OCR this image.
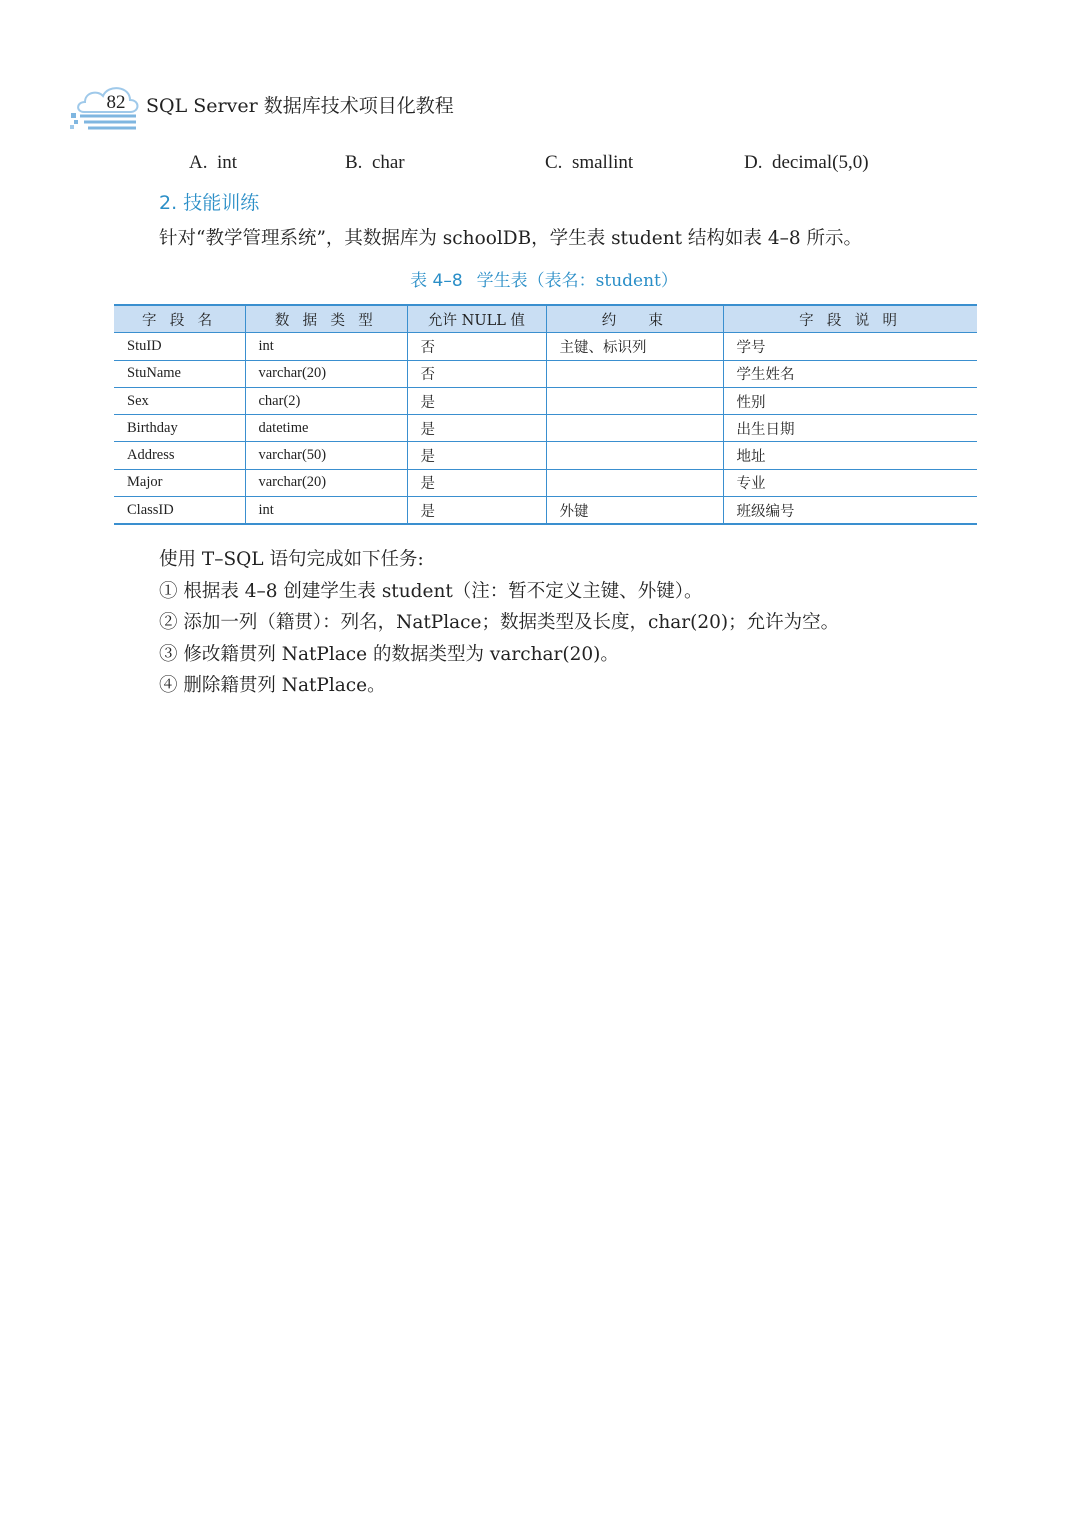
82	SQL Server 数据库技术项目化教程
A. int	B. char	C. smallint	D. decimal(5,0)
2. 技能训练
针对“教学管理系统”，其数据库为 schoolDB，学生表 student 结构如表 4–8 所示。
表 4–8 学生表（表名：student）
字 段 名	数 据 类 型	允许 NULL 值	约　 束	字 段 说 明
StuID	int	否	主键、标识列	学号
StuName	varchar(20)	否		学生姓名
Sex	char(2)	是		性别
Birthday	datetime	是		出生日期
Address	varchar(50)	是		地址
Major	varchar(20)	是		专业
ClassID	int	是	外键	班级编号
使用 T–SQL 语句完成如下任务:
① 根据表 4–8 创建学生表 student（注：暂不定义主键、外键）。
② 添加一列（籍贯）：列名，NatPlace；数据类型及长度，char(20)；允许为空。
③ 修改籍贯列 NatPlace 的数据类型为 varchar(20)。
④ 删除籍贯列 NatPlace。
